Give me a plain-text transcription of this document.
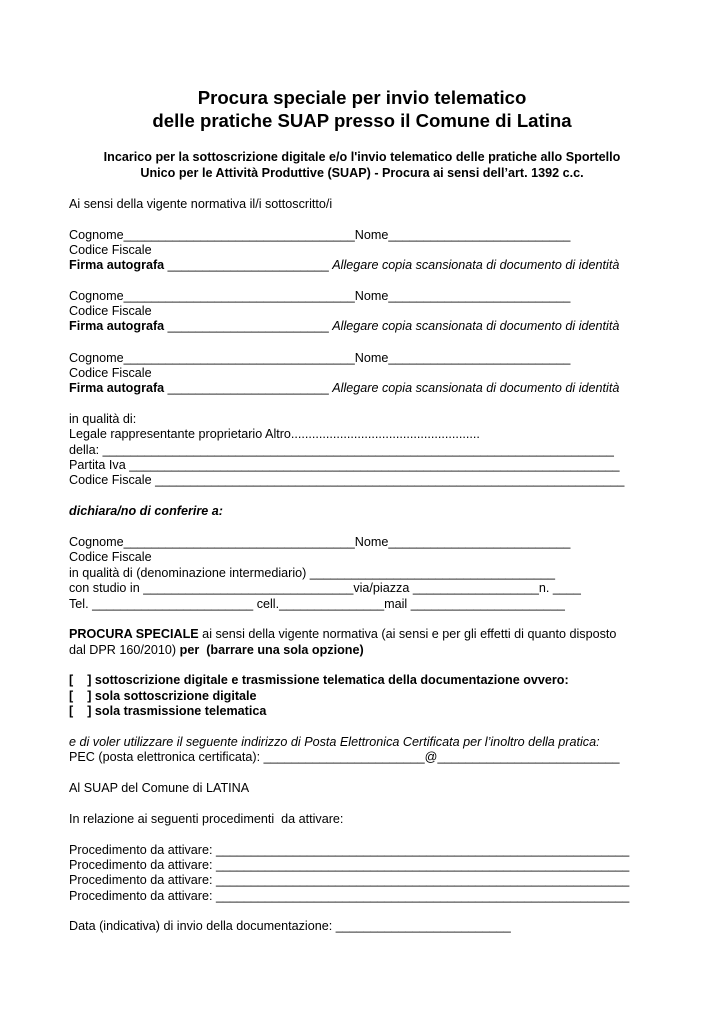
Procura speciale per invio telematico
delle pratiche SUAP presso il Comune di Latina
Incarico per la sottoscrizione digitale e/o l'invio telematico delle pratiche allo Sportello
Unico per le Attività Produttive (SUAP) - Procura ai sensi dell’art. 1392 c.c.
Ai sensi della vigente normativa il/i sottoscritto/i
Cognome_________________________________Nome__________________________
Codice Fiscale
Firma autografa _______________________ Allegare copia scansionata di documento di identità
Cognome_________________________________Nome__________________________
Codice Fiscale
Firma autografa _______________________ Allegare copia scansionata di documento di identità
Cognome_________________________________Nome__________________________
Codice Fiscale
Firma autografa _______________________ Allegare copia scansionata di documento di identità
in qualità di:
Legale rappresentante proprietario Altro......................................................
della: _________________________________________________________________________
Partita Iva ______________________________________________________________________
Codice Fiscale ___________________________________________________________________
dichiara/no di conferire a:
Cognome_________________________________Nome__________________________
Codice Fiscale
in qualità di (denominazione intermediario) ___________________________________
con studio in ______________________________via/piazza __________________n. ____
Tel. _______________________ cell._______________mail ______________________
PROCURA SPECIALE ai sensi della vigente normativa (ai sensi e per gli effetti di quanto disposto
dal DPR 160/2010) per  (barrare una sola opzione)
[    ] sottoscrizione digitale e trasmissione telematica della documentazione ovvero:
[    ] sola sottoscrizione digitale
[    ] sola trasmissione telematica
e di voler utilizzare il seguente indirizzo di Posta Elettronica Certificata per l’inoltro della pratica:
PEC (posta elettronica certificata): _______________________@__________________________
Al SUAP del Comune di LATINA
In relazione ai seguenti procedimenti  da attivare:
Procedimento da attivare: ___________________________________________________________
Procedimento da attivare: ___________________________________________________________
Procedimento da attivare: ___________________________________________________________
Procedimento da attivare: ___________________________________________________________
Data (indicativa) di invio della documentazione: _________________________
